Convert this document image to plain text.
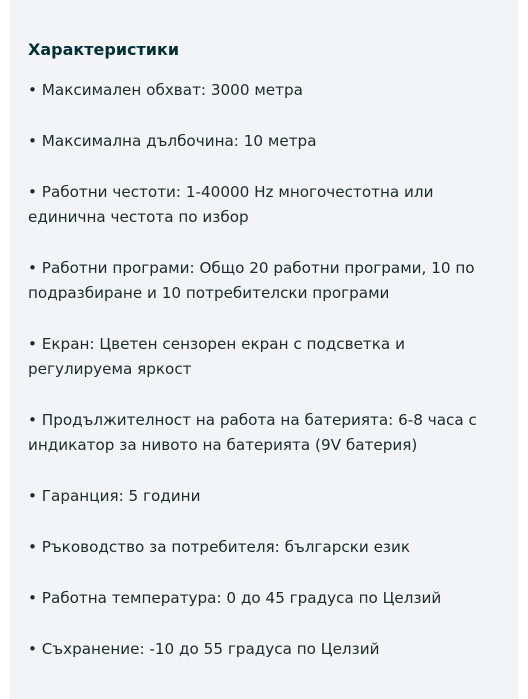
Характеристики
• Максимален обхват: 3000 метра
• Максимална дълбочина: 10 метра
• Работни честоти: 1-40000 Hz многочестотна или единична честота по избор
• Работни програми: Общо 20 работни програми, 10 по подразбиране и 10 потребителски програми
• Екран: Цветен сензорен екран с подсветка и регулируема яркост
• Продължителност на работа на батерията: 6-8 часа с индикатор за нивото на батерията (9V батерия)
• Гаранция: 5 години
• Ръководство за потребителя: български език
• Работна температура: 0 до 45 градуса по Целзий
• Съхранение: -10 до 55 градуса по Целзий
